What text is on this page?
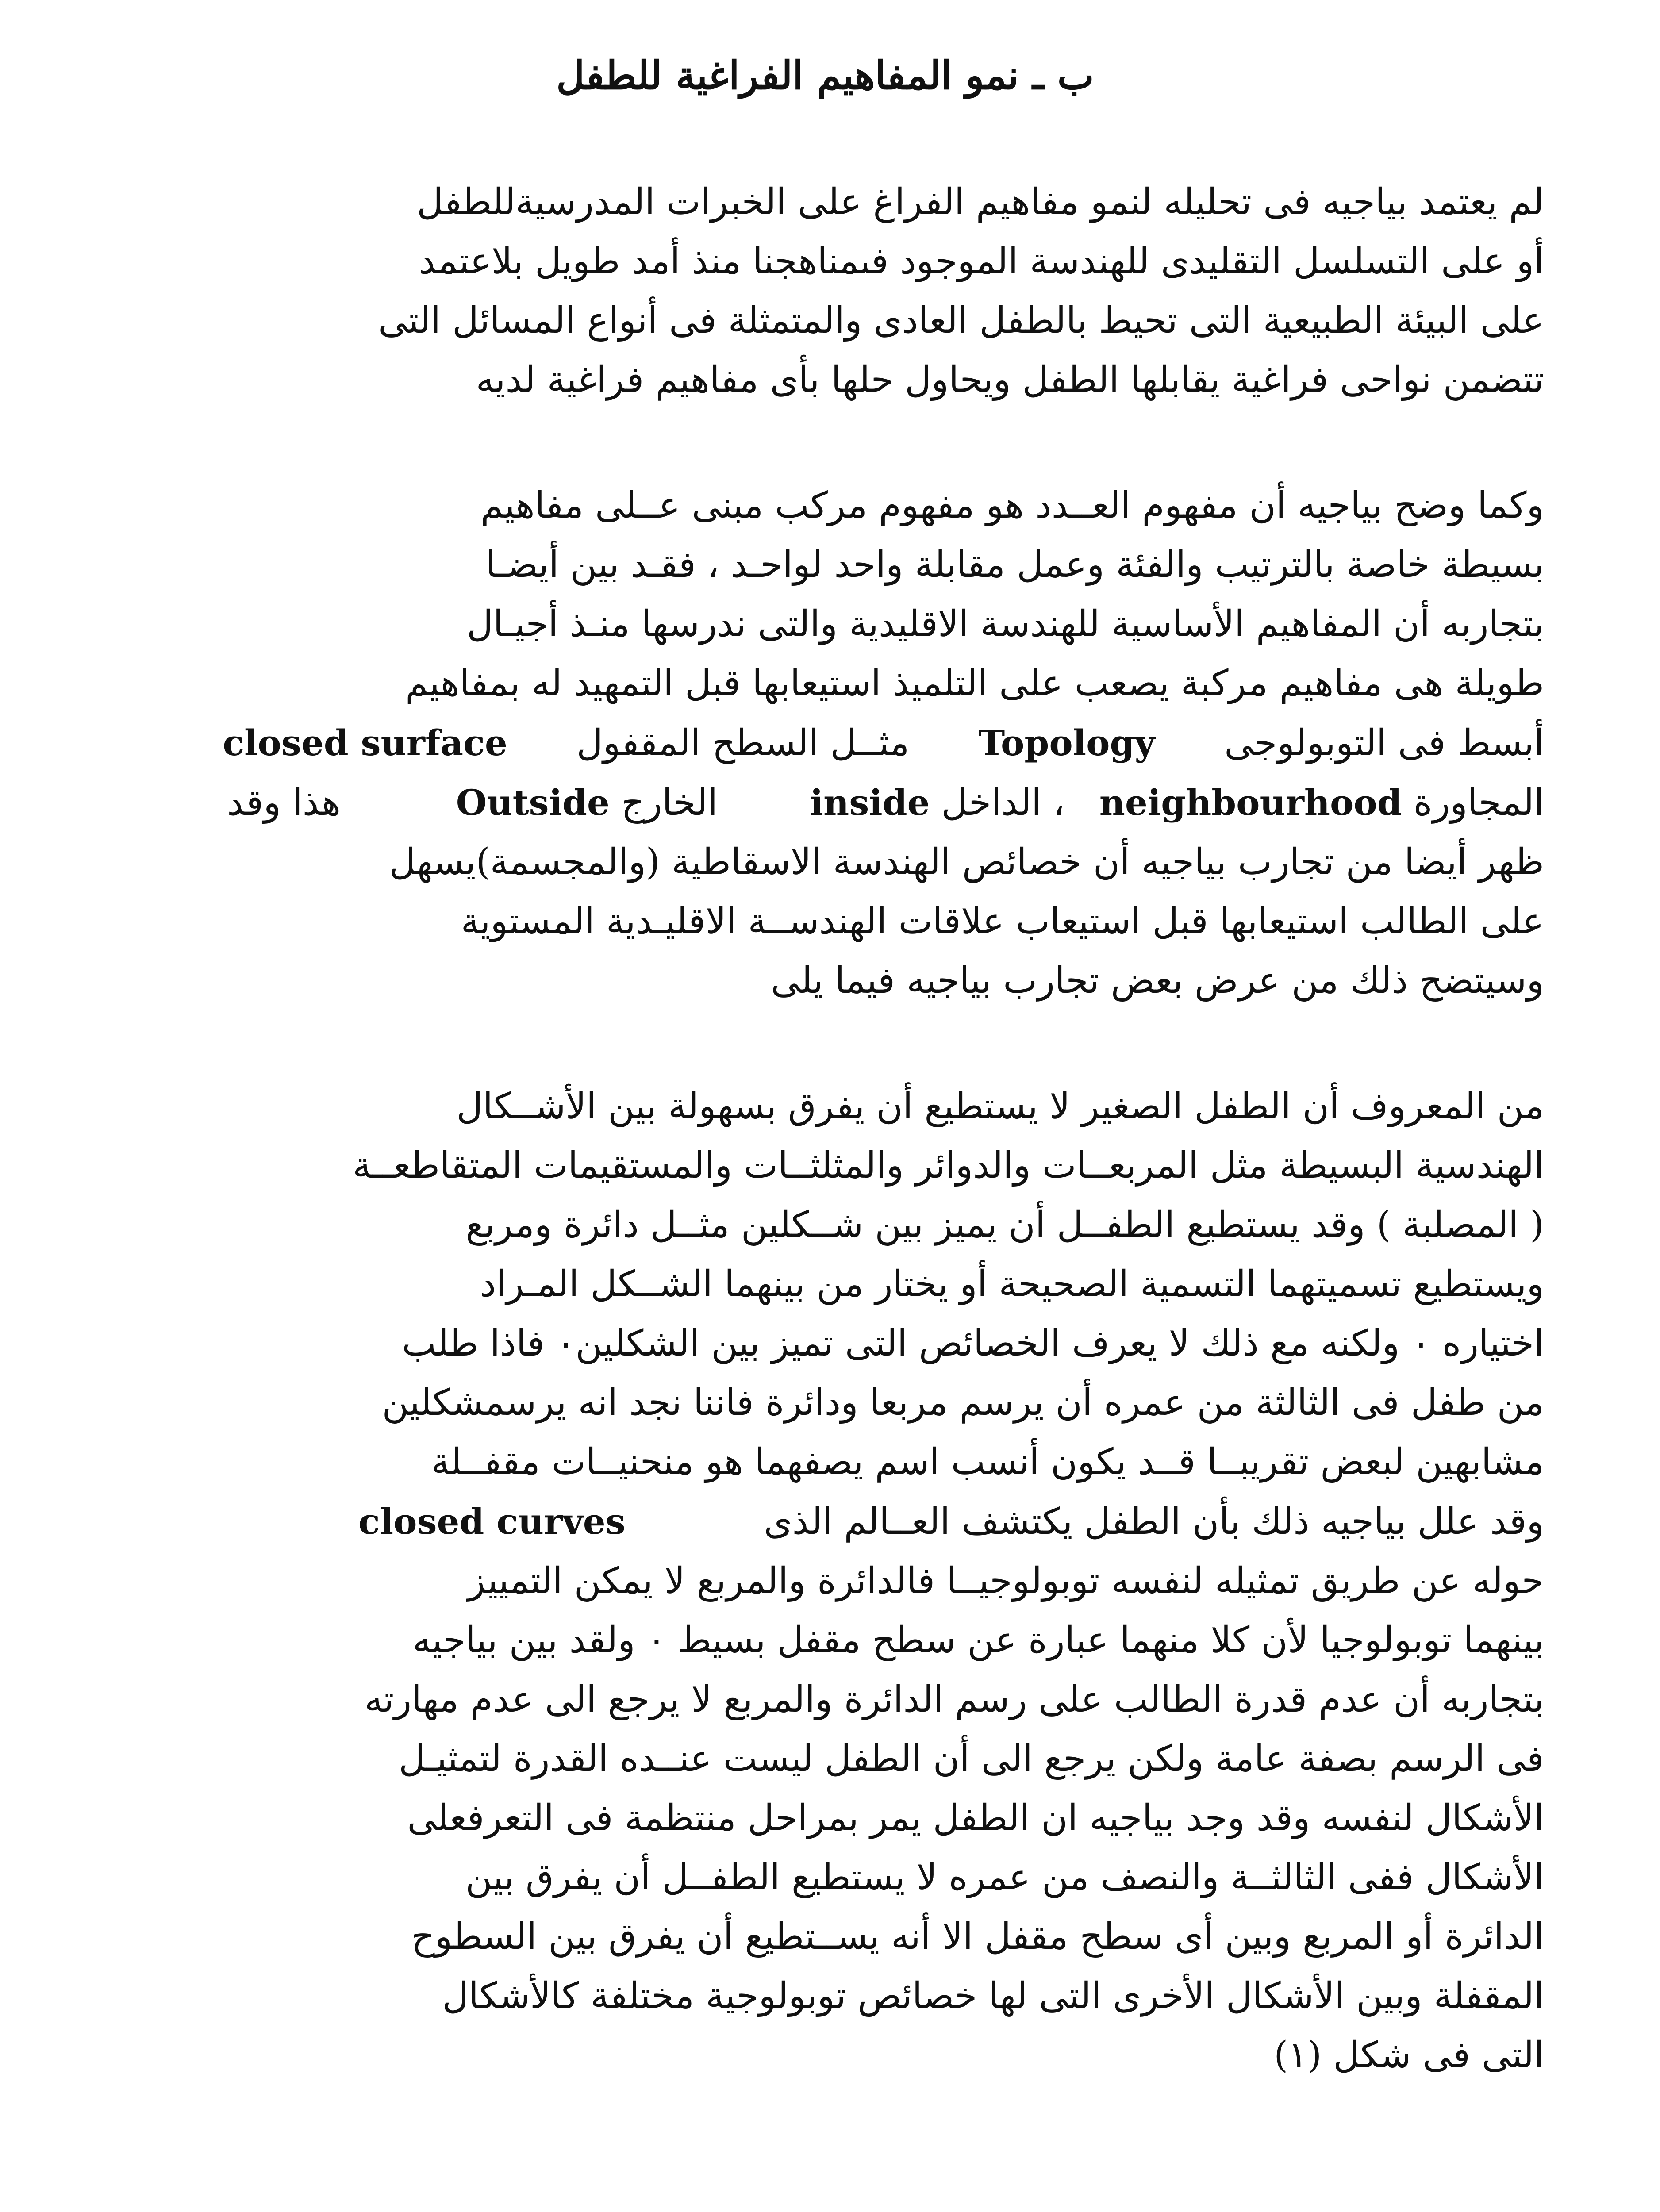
ب ـ نمو المفاهيم الفراغية للطفل
لم يعتمد بياجيه فى تحليله لنمو مفاهيم الفراغ على الخبرات المدرسيةللطفل
أو على التسلسل التقليدى للهندسة الموجود فىمناهجنا منذ أمد طويل بلاعتمد
على البيئة الطبيعية التى تحيط بالطفل العادى والمتمثلة فى أنواع المسائل التى
تتضمن نواحى فراغية يقابلها الطفل ويحاول حلها بأى مفاهيم فراغية لديه
وكما وضح بياجيه أن مفهوم العــدد هو مفهوم مركب مبنى عــلى مفاهيم
بسيطة خاصة بالترتيب والفئة وعمل مقابلة واحد لواحـد ، فقـد بين أيضـا
بتجاربه أن المفاهيم الأساسية للهندسة الاقليدية والتى ندرسها منـذ أجيـال
طويلة هى مفاهيم مركبة يصعب على التلميذ استيعابها قبل التمهيد له بمفاهيم
أبسط فى التوبولوجى      Topology      مثــل السطح المقفول      closed surface
المجاورة neighbourhood   ، الداخل inside        الخارج Outside          هذا وقد
ظهر أيضا من تجارب بياجيه أن خصائص الهندسة الاسقاطية (والمجسمة)يسهل
على الطالب استيعابها قبل استيعاب علاقات الهندســة الاقليـدية المستوية
وسيتضح ذلك من عرض بعض تجارب بياجيه فيما يلى
من المعروف أن الطفل الصغير لا يستطيع أن يفرق بسهولة بين الأشــكال
الهندسية البسيطة مثل المربعــات والدوائر والمثلثــات والمستقيمات المتقاطعــة
( المصلبة ) وقد يستطيع الطفــل أن يميز بين شــكلين مثــل دائرة ومربع
ويستطيع تسميتهما التسمية الصحيحة أو يختار من بينهما الشــكل المـراد
اختياره ٠ ولكنه مع ذلك لا يعرف الخصائص التى تميز بين الشكلين٠ فاذا طلب
من طفل فى الثالثة من عمره أن يرسم مربعا ودائرة فاننا نجد انه يرسمشكلين
مشابهين لبعض تقريبــا قــد يكون أنسب اسم يصفهما هو منحنيــات مقفــلة
وقد علل بياجيه ذلك بأن الطفل يكتشف العــالم الذى            closed curves
حوله عن طريق تمثيله لنفسه توبولوجيــا فالدائرة والمربع لا يمكن التمييز
بينهما توبولوجيا لأن كلا منهما عبارة عن سطح مقفل بسيط ٠ ولقد بين بياجيه
بتجاربه أن عدم قدرة الطالب على رسم الدائرة والمربع لا يرجع الى عدم مهارته
فى الرسم بصفة عامة ولكن يرجع الى أن الطفل ليست عنــده القدرة لتمثيـل
الأشكال لنفسه وقد وجد بياجيه ان الطفل يمر بمراحل منتظمة فى التعرفعلى
الأشكال ففى الثالثــة والنصف من عمره لا يستطيع الطفــل أن يفرق بين
الدائرة أو المربع وبين أى سطح مقفل الا أنه يســتطيع أن يفرق بين السطوح
المقفلة وبين الأشكال الأخرى التى لها خصائص توبولوجية مختلفة كالأشكال
التى فى شكل (١)
